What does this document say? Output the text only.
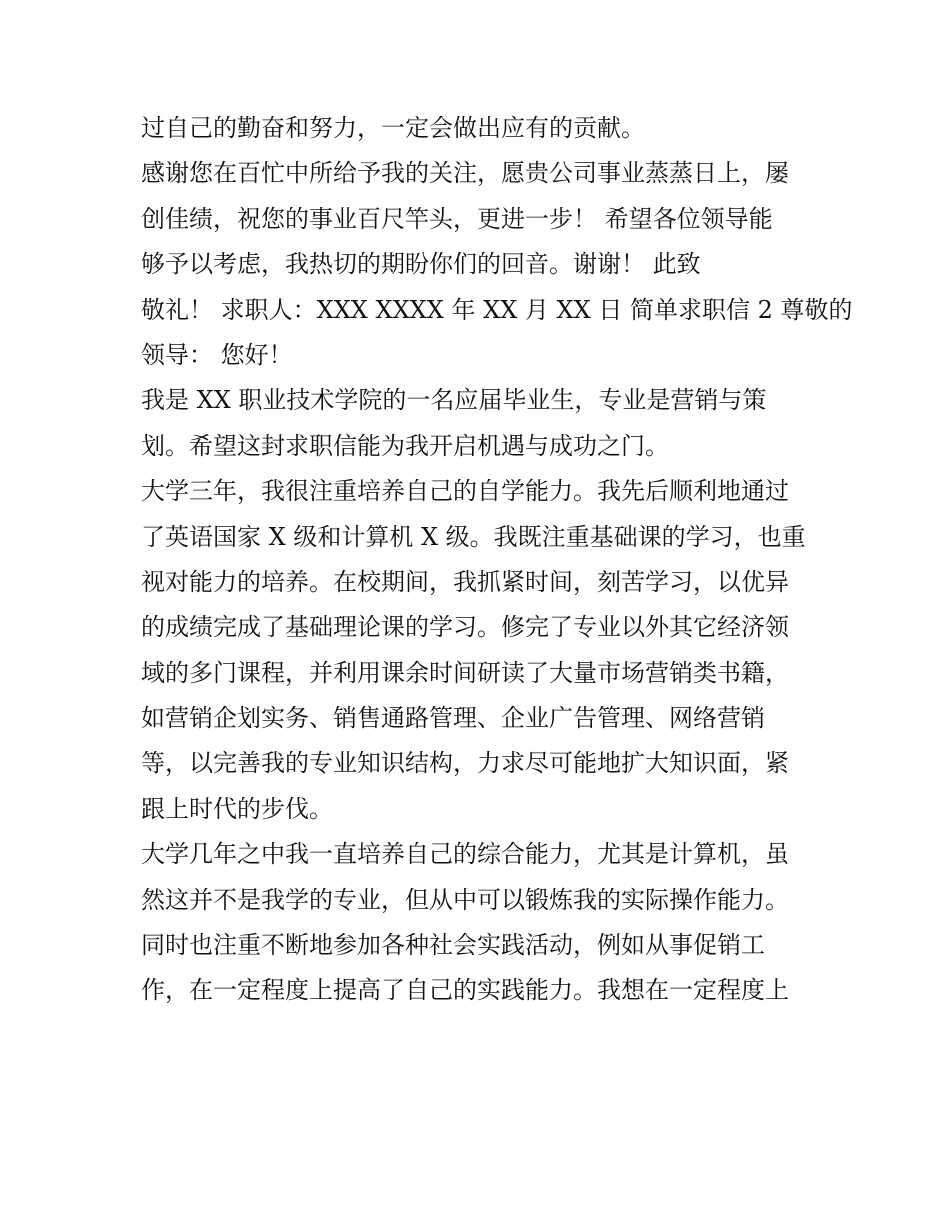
过自己的勤奋和努力，一定会做出应有的贡献。
感谢您在百忙中所给予我的关注，愿贵公司事业蒸蒸日上，屡
创佳绩，祝您的事业百尺竿头，更进一步！ 希望各位领导能
够予以考虑，我热切的期盼你们的回音。谢谢！ 此致
敬礼！ 求职人：XXX XXXX 年 XX 月 XX 日 简单求职信 2 尊敬的
领导： 您好！
我是 XX 职业技术学院的一名应届毕业生，专业是营销与策
划。希望这封求职信能为我开启机遇与成功之门。
大学三年，我很注重培养自己的自学能力。我先后顺利地通过
了英语国家 X 级和计算机 X 级。我既注重基础课的学习，也重
视对能力的培养。在校期间，我抓紧时间，刻苦学习，以优异
的成绩完成了基础理论课的学习。修完了专业以外其它经济领
域的多门课程，并利用课余时间研读了大量市场营销类书籍，
如营销企划实务、销售通路管理、企业广告管理、网络营销
等，以完善我的专业知识结构，力求尽可能地扩大知识面，紧
跟上时代的步伐。
大学几年之中我一直培养自己的综合能力，尤其是计算机，虽
然这并不是我学的专业，但从中可以锻炼我的实际操作能力。
同时也注重不断地参加各种社会实践活动，例如从事促销工
作，在一定程度上提高了自己的实践能力。我想在一定程度上
